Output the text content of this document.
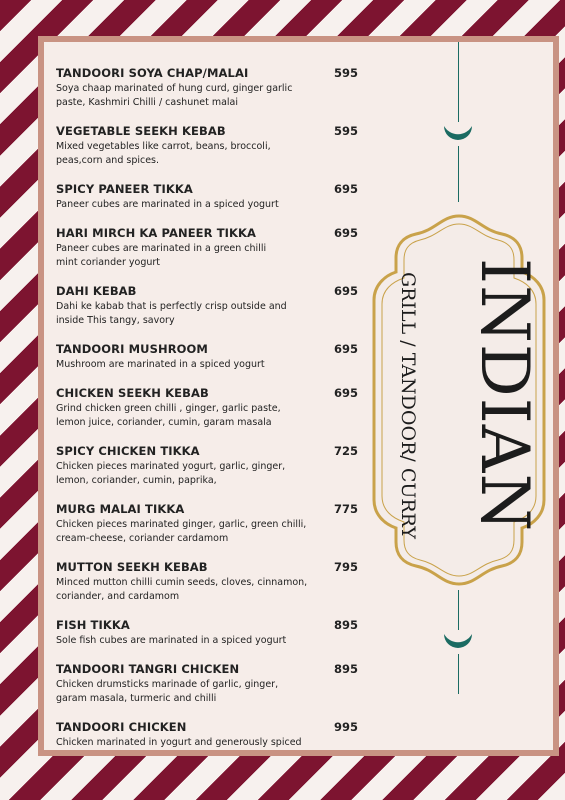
TANDOORI SOYA CHAP/MALAI	595
Soya chaap marinated of hung curd, ginger garlic
paste, Kashmiri Chilli / cashunet malai
VEGETABLE SEEKH KEBAB	595
Mixed vegetables like carrot, beans, broccoli,
peas,corn and spices.
SPICY PANEER TIKKA	695
Paneer cubes are marinated in a spiced yogurt
HARI MIRCH KA PANEER TIKKA	695
Paneer cubes are marinated in a green chilli
mint coriander yogurt
DAHI KEBAB	695
Dahi ke kabab that is perfectly crisp outside and
inside This tangy, savory
TANDOORI MUSHROOM	695
Mushroom are marinated in a spiced yogurt
CHICKEN SEEKH KEBAB	695
Grind chicken green chilli , ginger, garlic paste,
lemon juice, coriander, cumin, garam masala
SPICY CHICKEN TIKKA	725
Chicken pieces marinated yogurt, garlic, ginger,
lemon, coriander, cumin, paprika,
MURG MALAI TIKKA	775
Chicken pieces marinated ginger, garlic, green chilli,
cream-cheese, coriander cardamom
MUTTON SEEKH KEBAB	795
Minced mutton chilli cumin seeds, cloves, cinnamon,
coriander, and cardamom
FISH TIKKA	895
Sole fish cubes are marinated in a spiced yogurt
TANDOORI TANGRI CHICKEN	895
Chicken drumsticks marinade of garlic, ginger,
garam masala, turmeric and chilli
TANDOORI CHICKEN	995
Chicken marinated in yogurt and generously spiced
INDIAN
GRILL / TANDOOR/ CURRY
